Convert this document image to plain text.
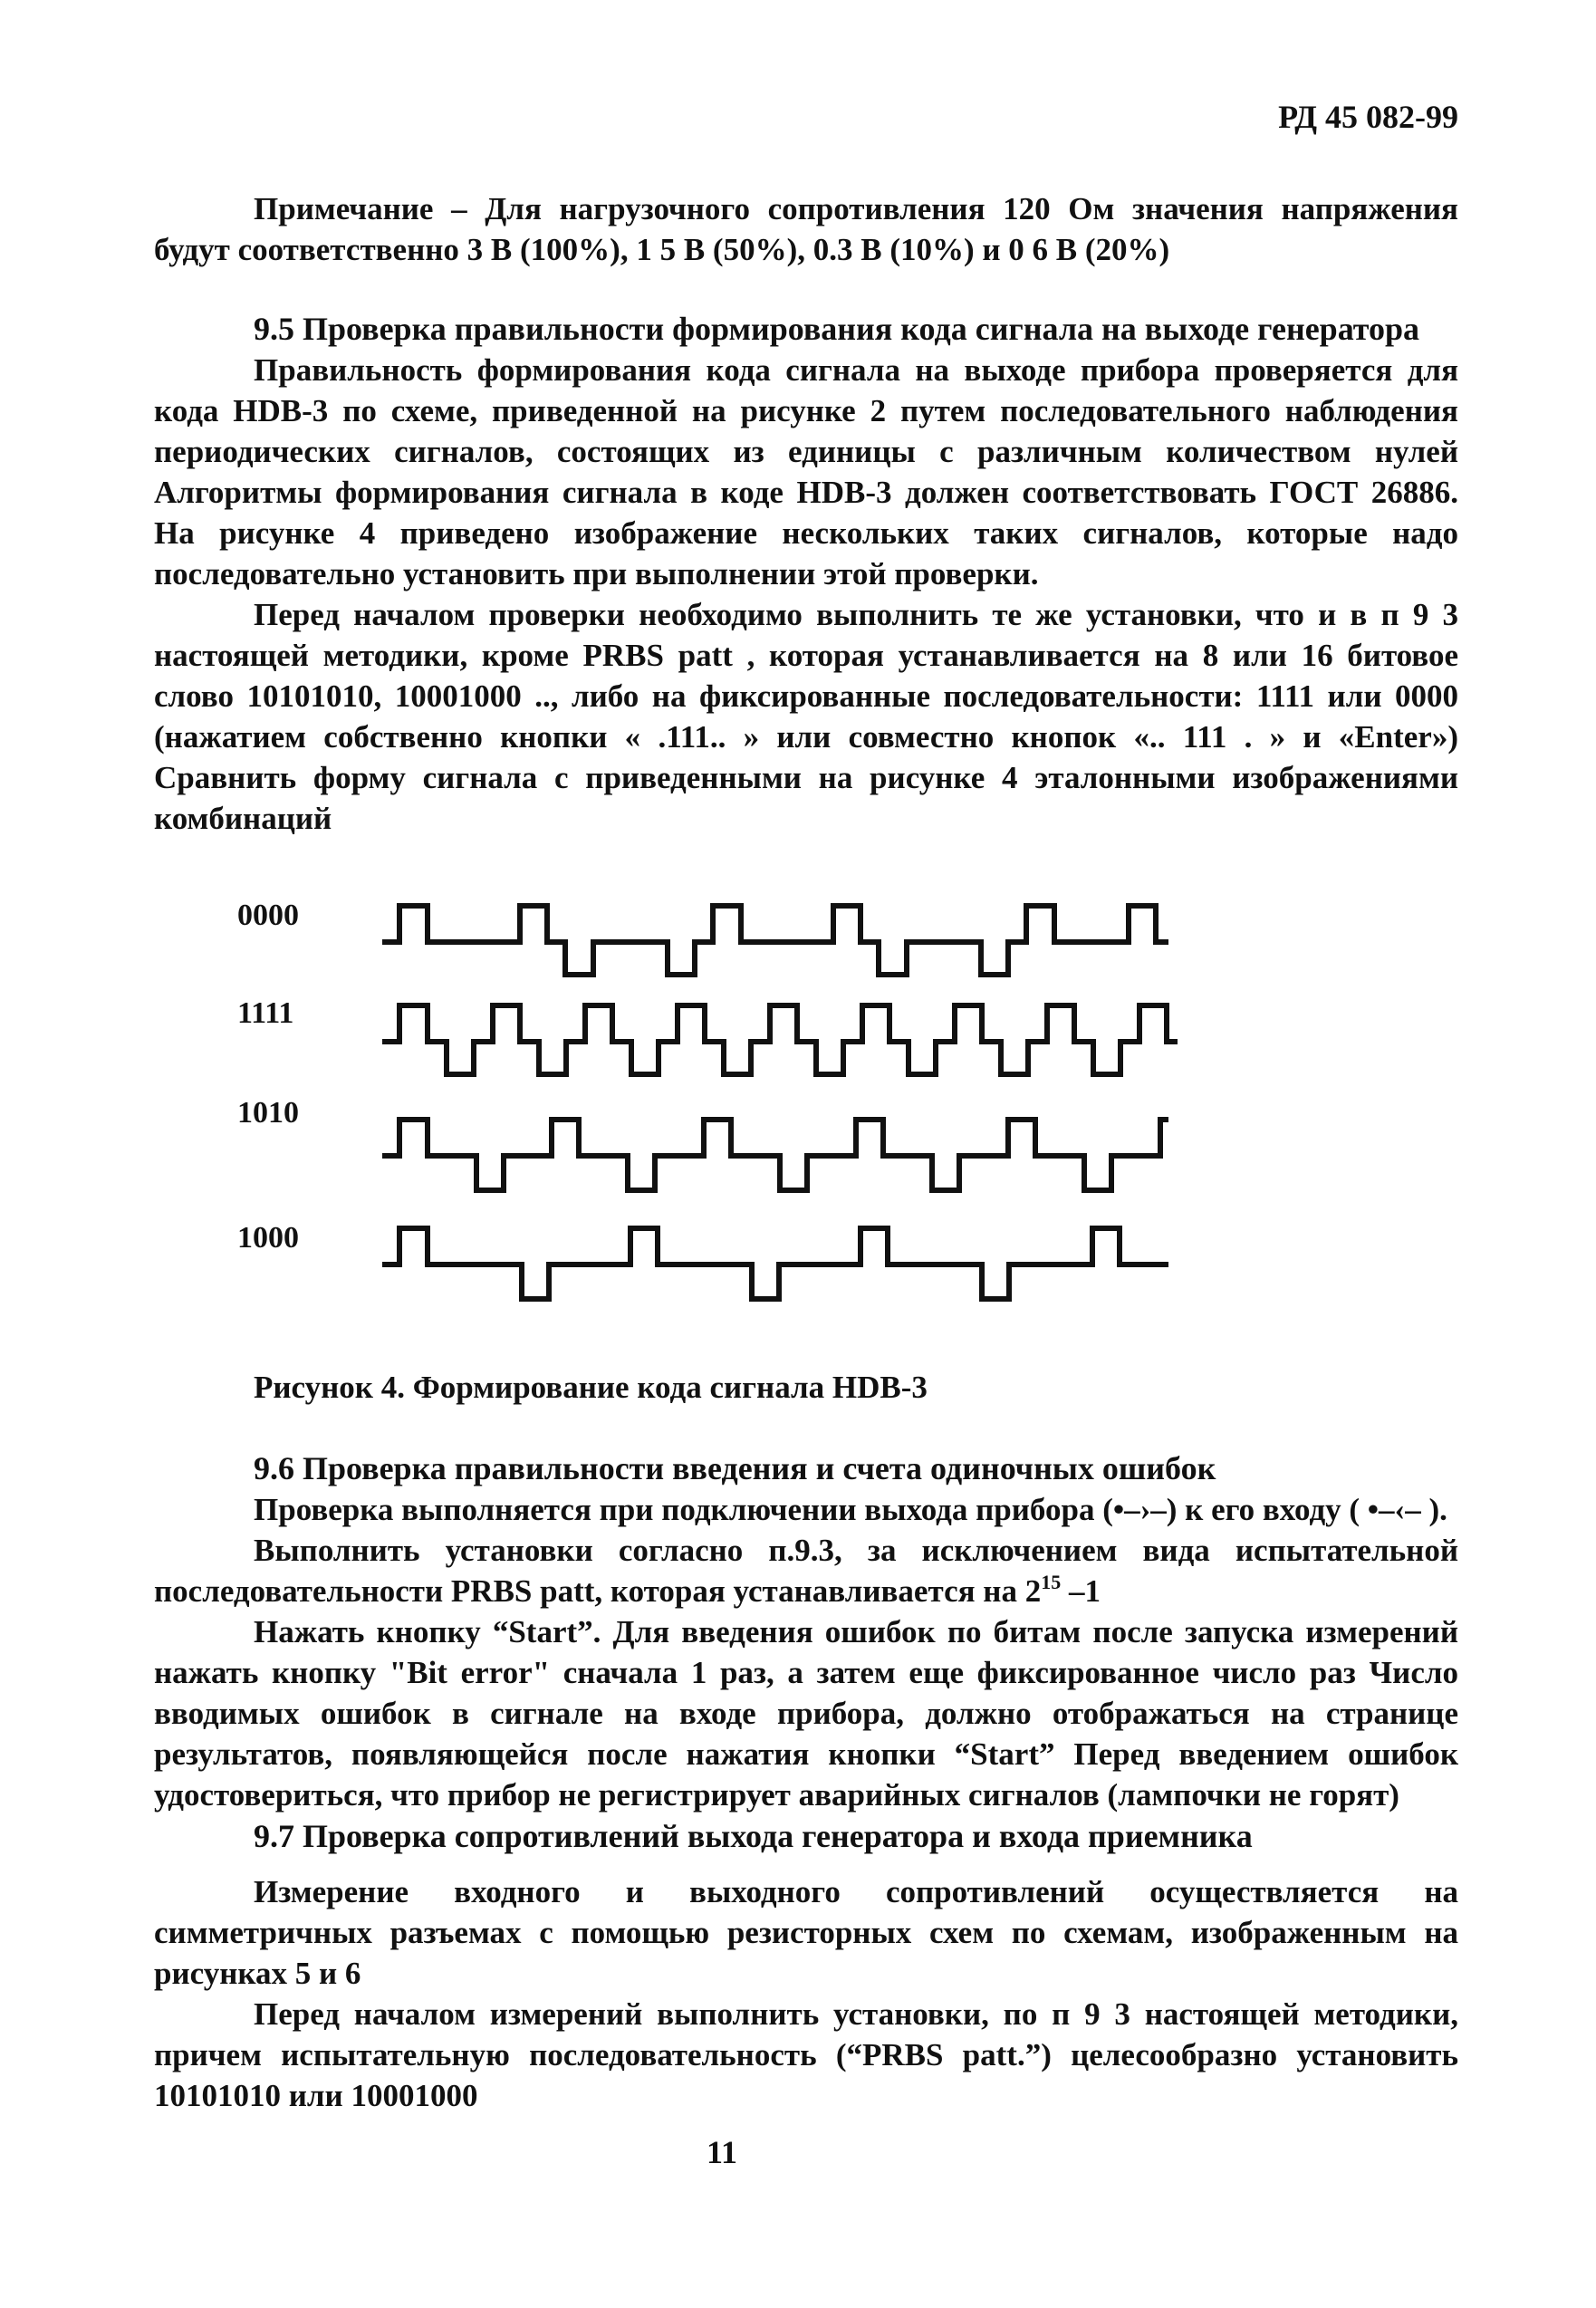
РД 45 082-99

Примечание – Для нагрузочного сопротивления 120 Ом значения напряжения будут соответственно 3 В (100%), 1 5 В (50%), 0.3 В (10%) и 0 6 В (20%)

9.5 Проверка правильности формирования кода сигнала на выходе генератора

Правильность формирования кода сигнала на выходе прибора проверяется для кода HDB-3 по схеме, приведенной на рисунке 2 путем последовательного наблюдения периодических сигналов, состоящих из единицы с различным количеством нулей Алгоритмы формирования сигнала в коде HDB-3 должен соответствовать ГОСТ 26886. На рисунке 4 приведено изображение нескольких таких сигналов, которые надо последовательно установить при выполнении этой проверки.

Перед началом проверки необходимо выполнить те же установки, что и в п 9 3 настоящей методики, кроме PRBS patt , которая устанавливается на 8 или 16 битовое слово 10101010, 10001000 .., либо на фиксированные последовательности: 1111 или 0000 (нажатием собственно кнопки « .111.. » или совместно кнопок «.. 111 . » и «Enter») Сравнить форму сигнала с приведенными на рисунке 4 эталонными изображениями комбинаций

0000
1111
1010
1000
Рисунок 4. Формирование кода сигнала HDB-3

9.6 Проверка правильности введения и счета одиночных ошибок

Проверка выполняется при подключении выхода прибора (•–›–) к его входу ( •–‹– ).

Выполнить установки согласно п.9.3, за исключением вида испытательной последовательности PRBS patt, которая устанавливается на $2^{15}$ –1

Нажать кнопку “Start”. Для введения ошибок по битам после запуска измерений нажать кнопку "Bit error" сначала 1 раз, а затем еще фиксированное число раз Число вводимых ошибок в сигнале на входе прибора, должно отображаться на странице результатов, появляющейся после нажатия кнопки “Start” Перед введением ошибок удостовериться, что прибор не регистрирует аварийных сигналов (лампочки не горят)

9.7 Проверка сопротивлений выхода генератора и входа приемника

Измерение входного и выходного сопротивлений осуществляется на симметричных разъемах с помощью резисторных схем по схемам, изображенным на рисунках 5 и 6

Перед началом измерений выполнить установки, по п 9 3 настоящей методики, причем испытательную последовательность (“PRBS patt.”) целесообразно установить 10101010 или 10001000

11
